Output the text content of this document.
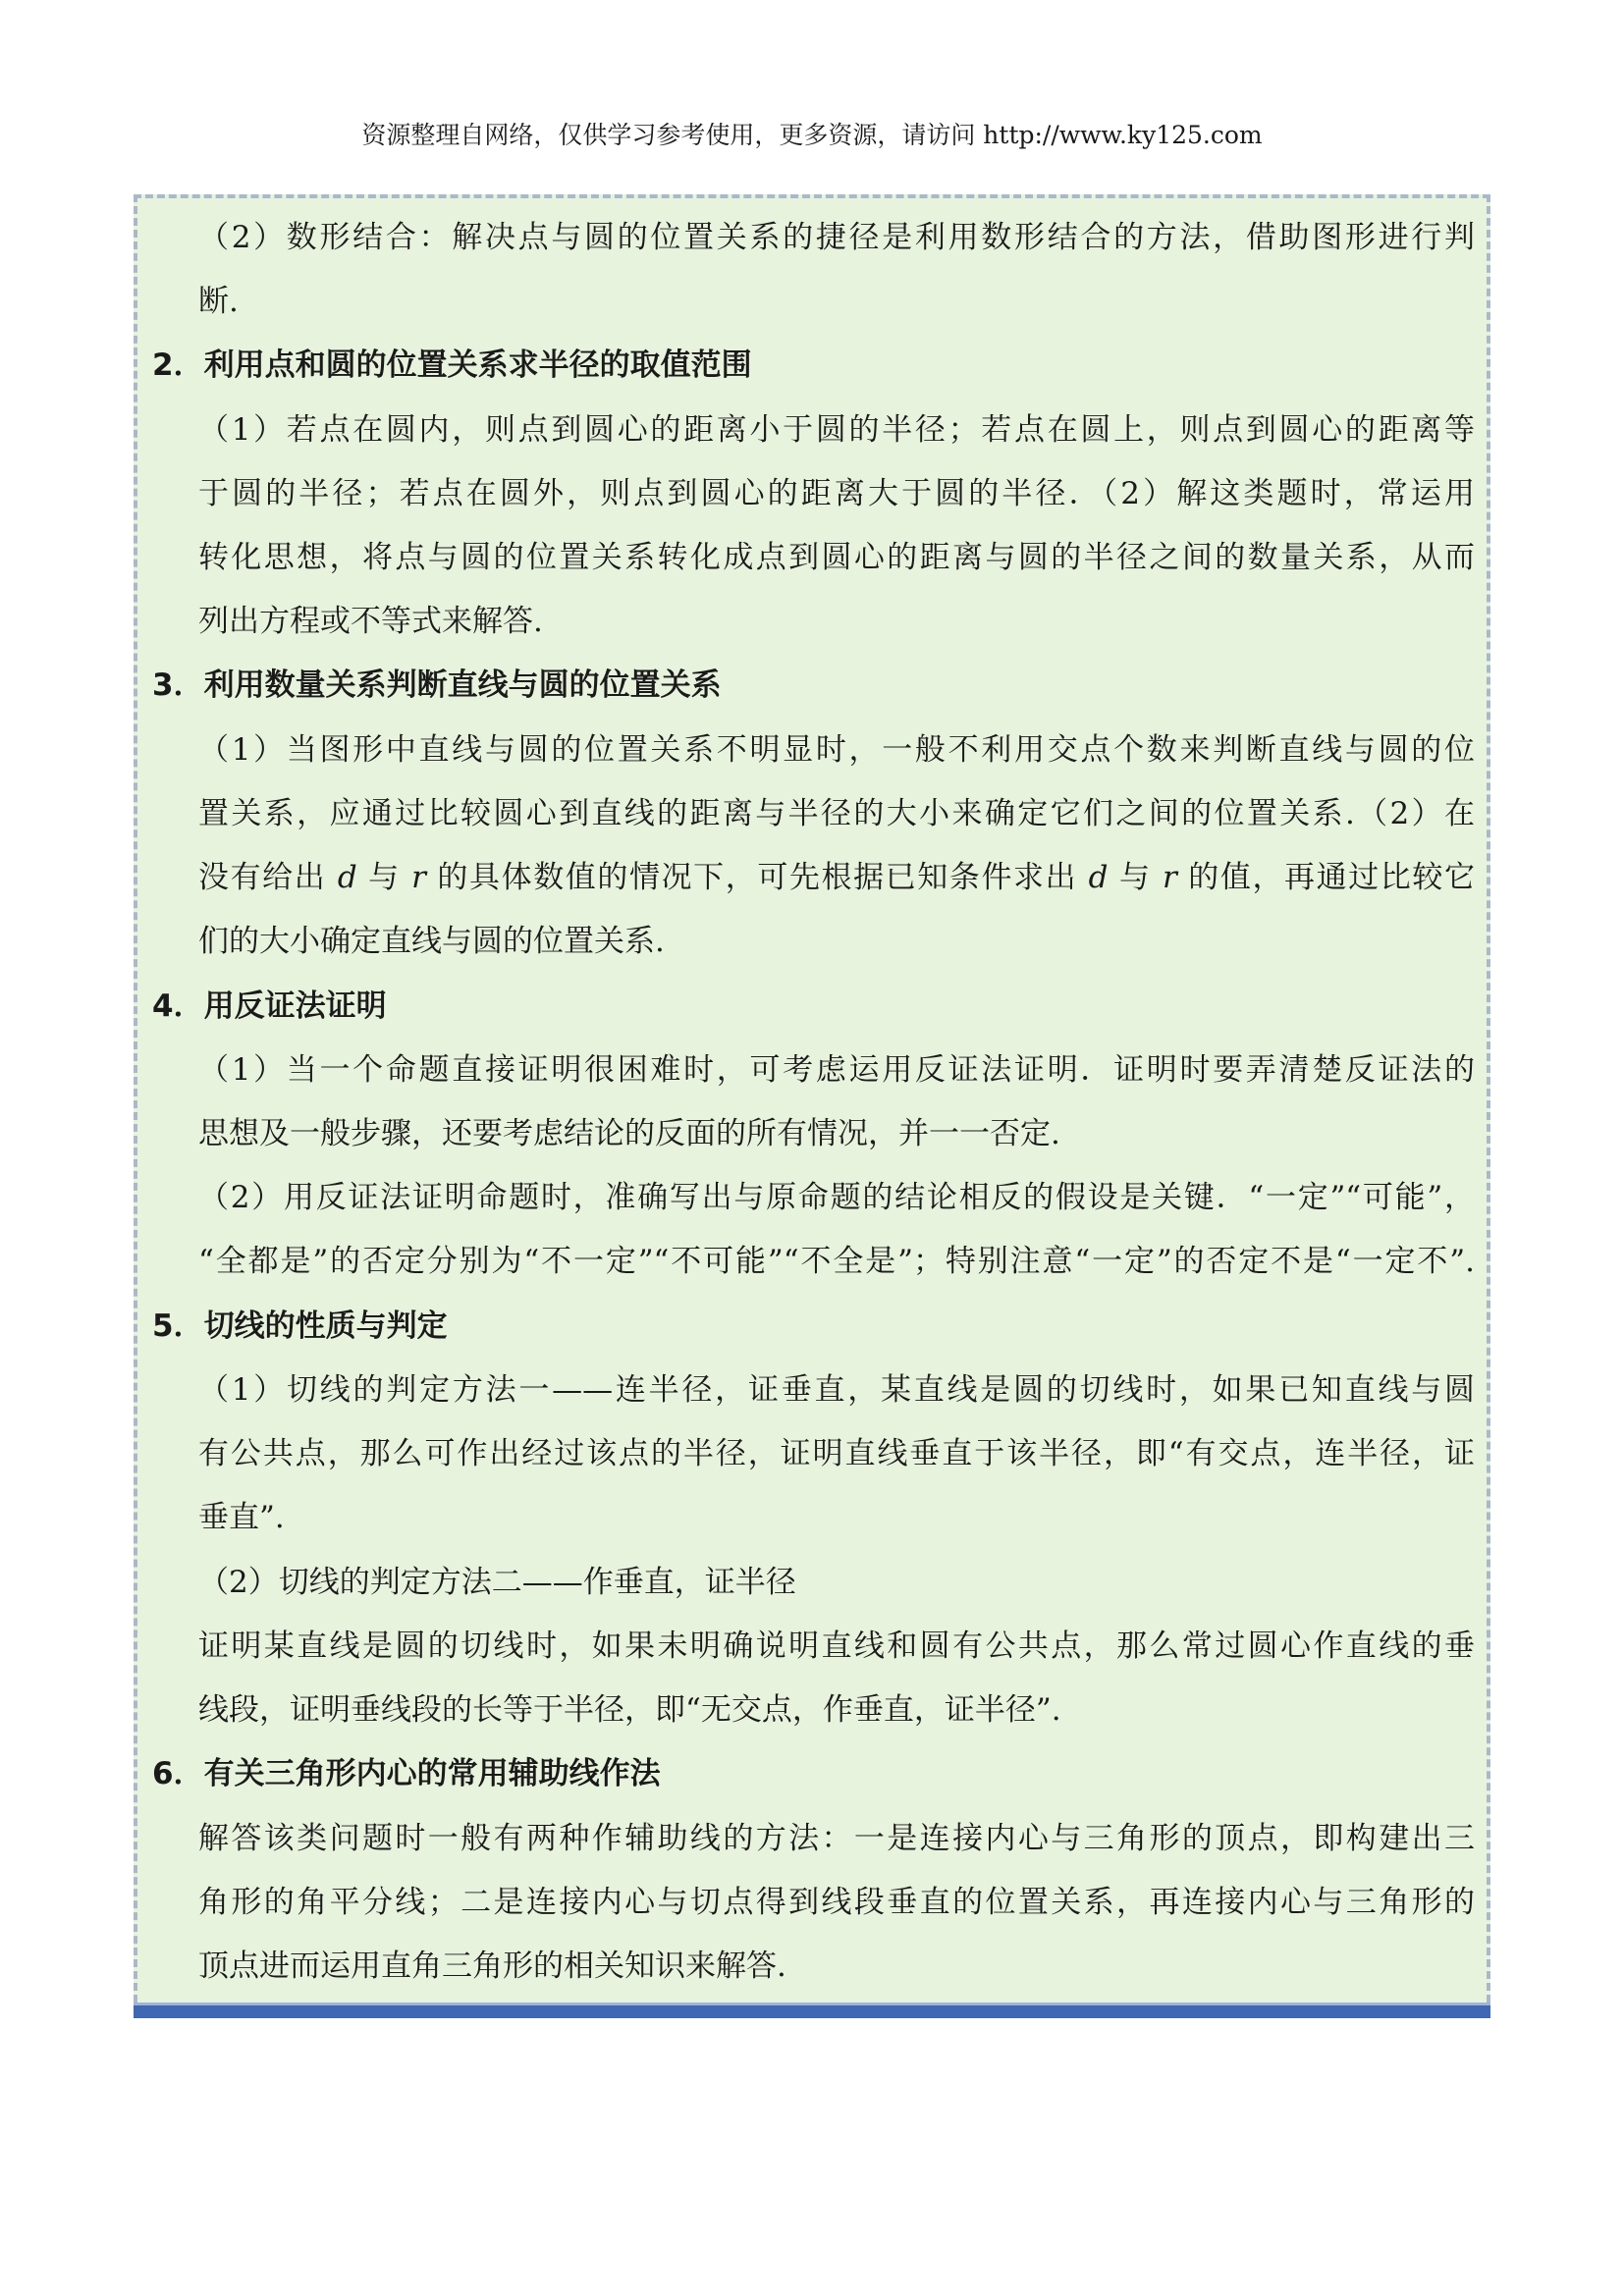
资源整理自网络，仅供学习参考使用，更多资源，请访问 http://www.ky125.com
（2）数形结合：解决点与圆的位置关系的捷径是利用数形结合的方法，借助图形进行判
断.
2．利用点和圆的位置关系求半径的取值范围
（1）若点在圆内，则点到圆心的距离小于圆的半径；若点在圆上，则点到圆心的距离等
于圆的半径；若点在圆外，则点到圆心的距离大于圆的半径．（2）解这类题时，常运用
转化思想，将点与圆的位置关系转化成点到圆心的距离与圆的半径之间的数量关系，从而
列出方程或不等式来解答.
3．利用数量关系判断直线与圆的位置关系
（1）当图形中直线与圆的位置关系不明显时，一般不利用交点个数来判断直线与圆的位
置关系，应通过比较圆心到直线的距离与半径的大小来确定它们之间的位置关系.（2）在
没有给出 d 与 r 的具体数值的情况下，可先根据已知条件求出 d 与 r 的值，再通过比较它
们的大小确定直线与圆的位置关系.
4．用反证法证明
（1）当一个命题直接证明很困难时，可考虑运用反证法证明．证明时要弄清楚反证法的
思想及一般步骤，还要考虑结论的反面的所有情况，并一一否定.
（2）用反证法证明命题时，准确写出与原命题的结论相反的假设是关键．“一定”“可能”，
“全都是”的否定分别为“不一定”“不可能”“不全是”；特别注意“一定”的否定不是“一定不”.
5．切线的性质与判定
（1）切线的判定方法一——连半径，证垂直，某直线是圆的切线时，如果已知直线与圆
有公共点，那么可作出经过该点的半径，证明直线垂直于该半径，即“有交点，连半径，证
垂直”.
（2）切线的判定方法二——作垂直，证半径
证明某直线是圆的切线时，如果未明确说明直线和圆有公共点，那么常过圆心作直线的垂
线段，证明垂线段的长等于半径，即“无交点，作垂直，证半径”.
6．有关三角形内心的常用辅助线作法
解答该类问题时一般有两种作辅助线的方法：一是连接内心与三角形的顶点，即构建出三
角形的角平分线；二是连接内心与切点得到线段垂直的位置关系，再连接内心与三角形的
顶点进而运用直角三角形的相关知识来解答.
